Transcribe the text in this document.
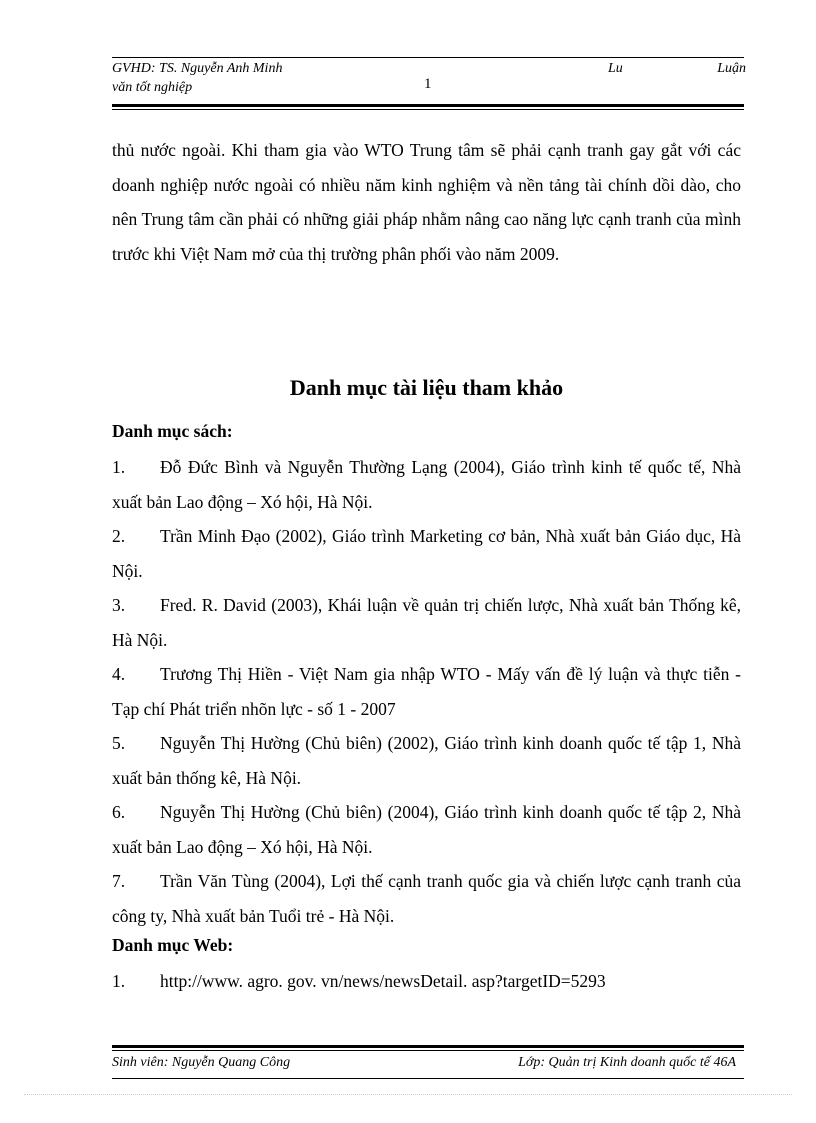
GVHD: TS. Nguyễn Anh Minh
văn tốt nghiệp	1
Lu	Luận
thủ nước ngoài. Khi tham gia vào WTO Trung tâm sẽ phải cạnh tranh gay gắt với các doanh nghiệp nước ngoài có nhiều năm kinh nghiệm và nền tảng tài chính dồi dào, cho nên Trung tâm cần phải có những giải pháp nhằm nâng cao năng lực cạnh tranh của mình trước khi Việt Nam mở của thị trường phân phối vào năm 2009.
Danh mục tài liệu tham khảo
Danh mục sách:
1. Đỗ Đức Bình và Nguyễn Thường Lạng (2004), Giáo trình kinh tế quốc tế, Nhà xuất bản Lao động – Xó hội, Hà Nội.
2. Trần Minh Đạo (2002), Giáo trình Marketing cơ bản, Nhà xuất bản Giáo dục, Hà Nội.
3. Fred. R. David (2003), Khái luận về quản trị chiến lược, Nhà xuất bản Thống kê, Hà Nội.
4. Trương Thị Hiền - Việt Nam gia nhập WTO - Mấy vấn đề lý luận và thực tiễn - Tạp chí Phát triển nhõn lực - số 1 - 2007
5. Nguyễn Thị Hường (Chủ biên) (2002), Giáo trình kinh doanh quốc tế tập 1, Nhà xuất bản thống kê, Hà Nội.
6. Nguyễn Thị Hường (Chủ biên) (2004), Giáo trình kinh doanh quốc tế tập 2, Nhà xuất bản Lao động – Xó hội, Hà Nội.
7. Trần Văn Tùng (2004), Lợi thế cạnh tranh quốc gia và chiến lược cạnh tranh của công ty, Nhà xuất bản Tuổi trẻ - Hà Nội.
Danh mục Web:
1. http://www. agro. gov. vn/news/newsDetail. asp?targetID=5293
Sinh viên: Nguyễn Quang Công	Lớp: Quản trị Kinh doanh quốc tế 46A
